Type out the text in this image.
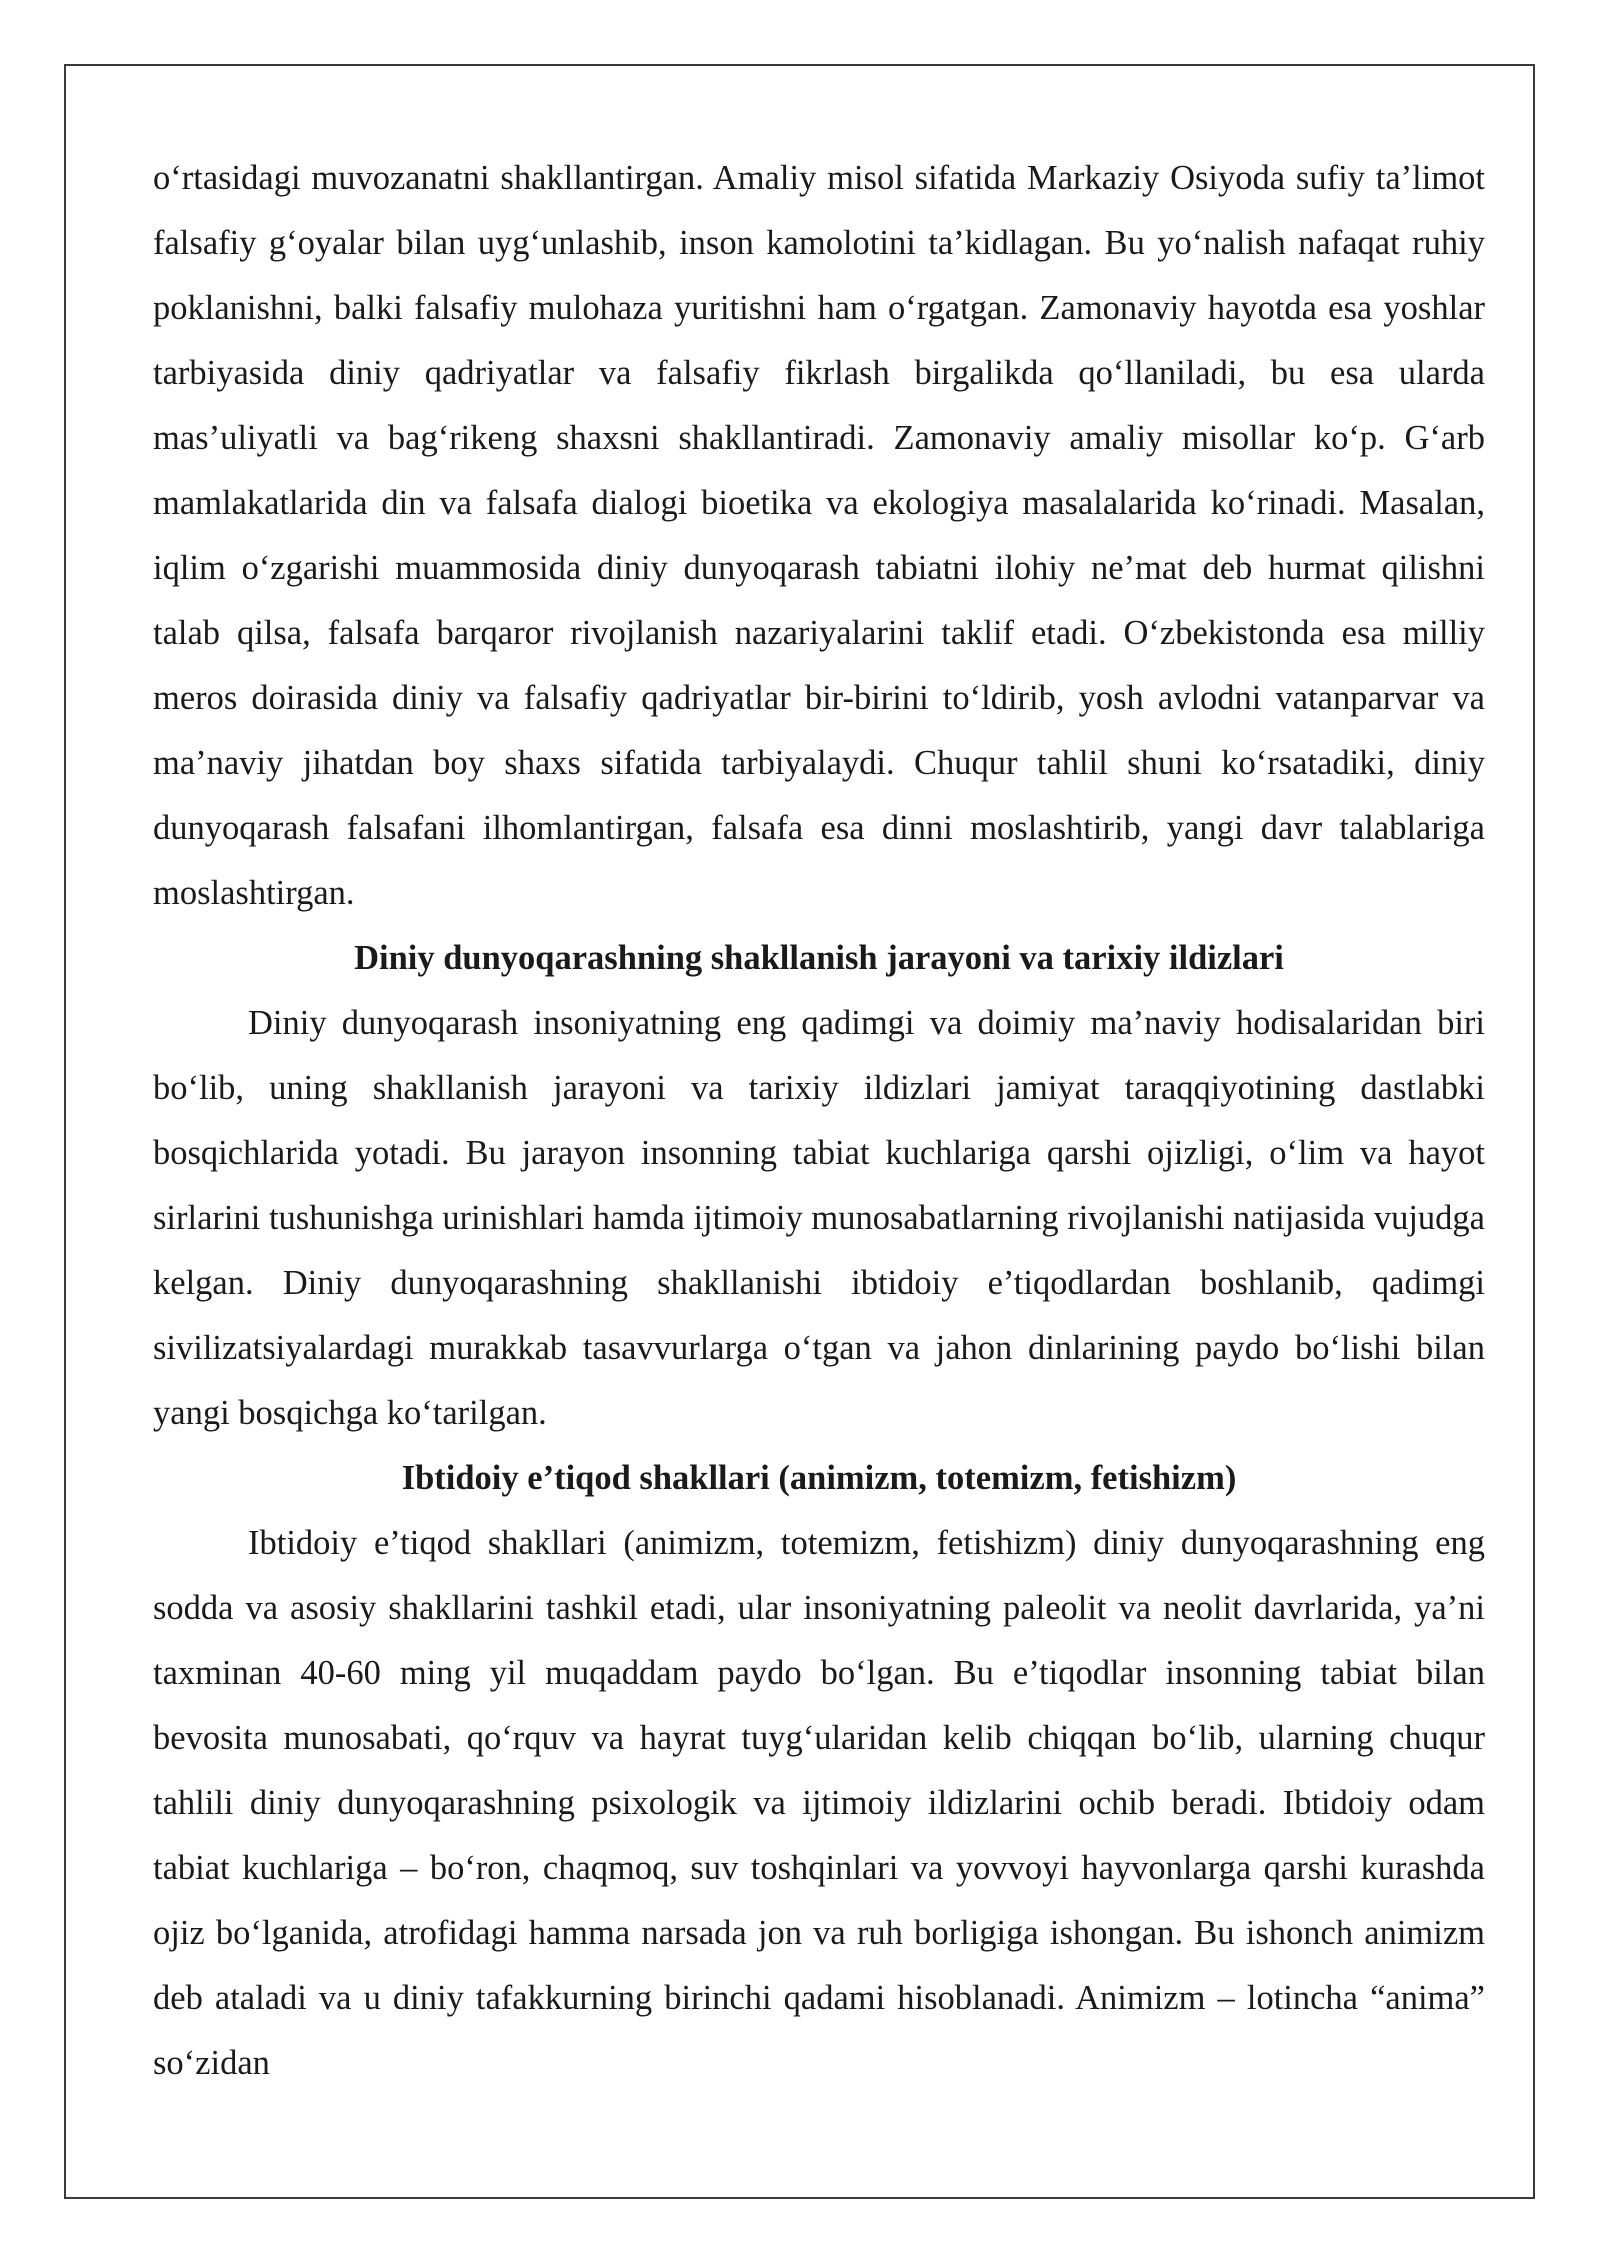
o‘rtasidagi muvozanatni shakllantirgan. Amaliy misol sifatida Markaziy Osiyoda sufiy ta’limot falsafiy g‘oyalar bilan uyg‘unlashib, inson kamolotini ta’kidlagan. Bu yo‘nalish nafaqat ruhiy poklanishni, balki falsafiy mulohaza yuritishni ham o‘rgatgan. Zamonaviy hayotda esa yoshlar tarbiyasida diniy qadriyatlar va falsafiy fikrlash birgalikda qo‘llaniladi, bu esa ularda mas’uliyatli va bag‘rikeng shaxsni shakllantiradi. Zamonaviy amaliy misollar ko‘p. G‘arb mamlakatlarida din va falsafa dialogi bioetika va ekologiya masalalarida ko‘rinadi. Masalan, iqlim o‘zgarishi muammosida diniy dunyoqarash tabiatni ilohiy ne’mat deb hurmat qilishni talab qilsa, falsafa barqaror rivojlanish nazariyalarini taklif etadi. O‘zbekistonda esa milliy meros doirasida diniy va falsafiy qadriyatlar bir-birini to‘ldirib, yosh avlodni vatanparvar va ma’naviy jihatdan boy shaxs sifatida tarbiyalaydi. Chuqur tahlil shuni ko‘rsatadiki, diniy dunyoqarash falsafani ilhomlantirgan, falsafa esa dinni moslashtirib, yangi davr talablariga moslashtirgan.

Diniy dunyoqarashning shakllanish jarayoni va tarixiy ildizlari

Diniy dunyoqarash insoniyatning eng qadimgi va doimiy ma’naviy hodisalaridan biri bo‘lib, uning shakllanish jarayoni va tarixiy ildizlari jamiyat taraqqiyotining dastlabki bosqichlarida yotadi. Bu jarayon insonning tabiat kuchlariga qarshi ojizligi, o‘lim va hayot sirlarini tushunishga urinishlari hamda ijtimoiy munosabatlarning rivojlanishi natijasida vujudga kelgan. Diniy dunyoqarashning shakllanishi ibtidoiy e’tiqodlardan boshlanib, qadimgi sivilizatsiyalardagi murakkab tasavvurlarga o‘tgan va jahon dinlarining paydo bo‘lishi bilan yangi bosqichga ko‘tarilgan.

Ibtidoiy e’tiqod shakllari (animizm, totemizm, fetishizm)

Ibtidoiy e’tiqod shakllari (animizm, totemizm, fetishizm) diniy dunyoqarashning eng sodda va asosiy shakllarini tashkil etadi, ular insoniyatning paleolit va neolit davrlarida, ya’ni taxminan 40-60 ming yil muqaddam paydo bo‘lgan. Bu e’tiqodlar insonning tabiat bilan bevosita munosabati, qo‘rquv va hayrat tuyg‘ularidan kelib chiqqan bo‘lib, ularning chuqur tahlili diniy dunyoqarashning psixologik va ijtimoiy ildizlarini ochib beradi. Ibtidoiy odam tabiat kuchlariga – bo‘ron, chaqmoq, suv toshqinlari va yovvoyi hayvonlarga qarshi kurashda ojiz bo‘lganida, atrofidagi hamma narsada jon va ruh borligiga ishongan. Bu ishonch animizm deb ataladi va u diniy tafakkurning birinchi qadami hisoblanadi. Animizm – lotincha “anima” so‘zidan
